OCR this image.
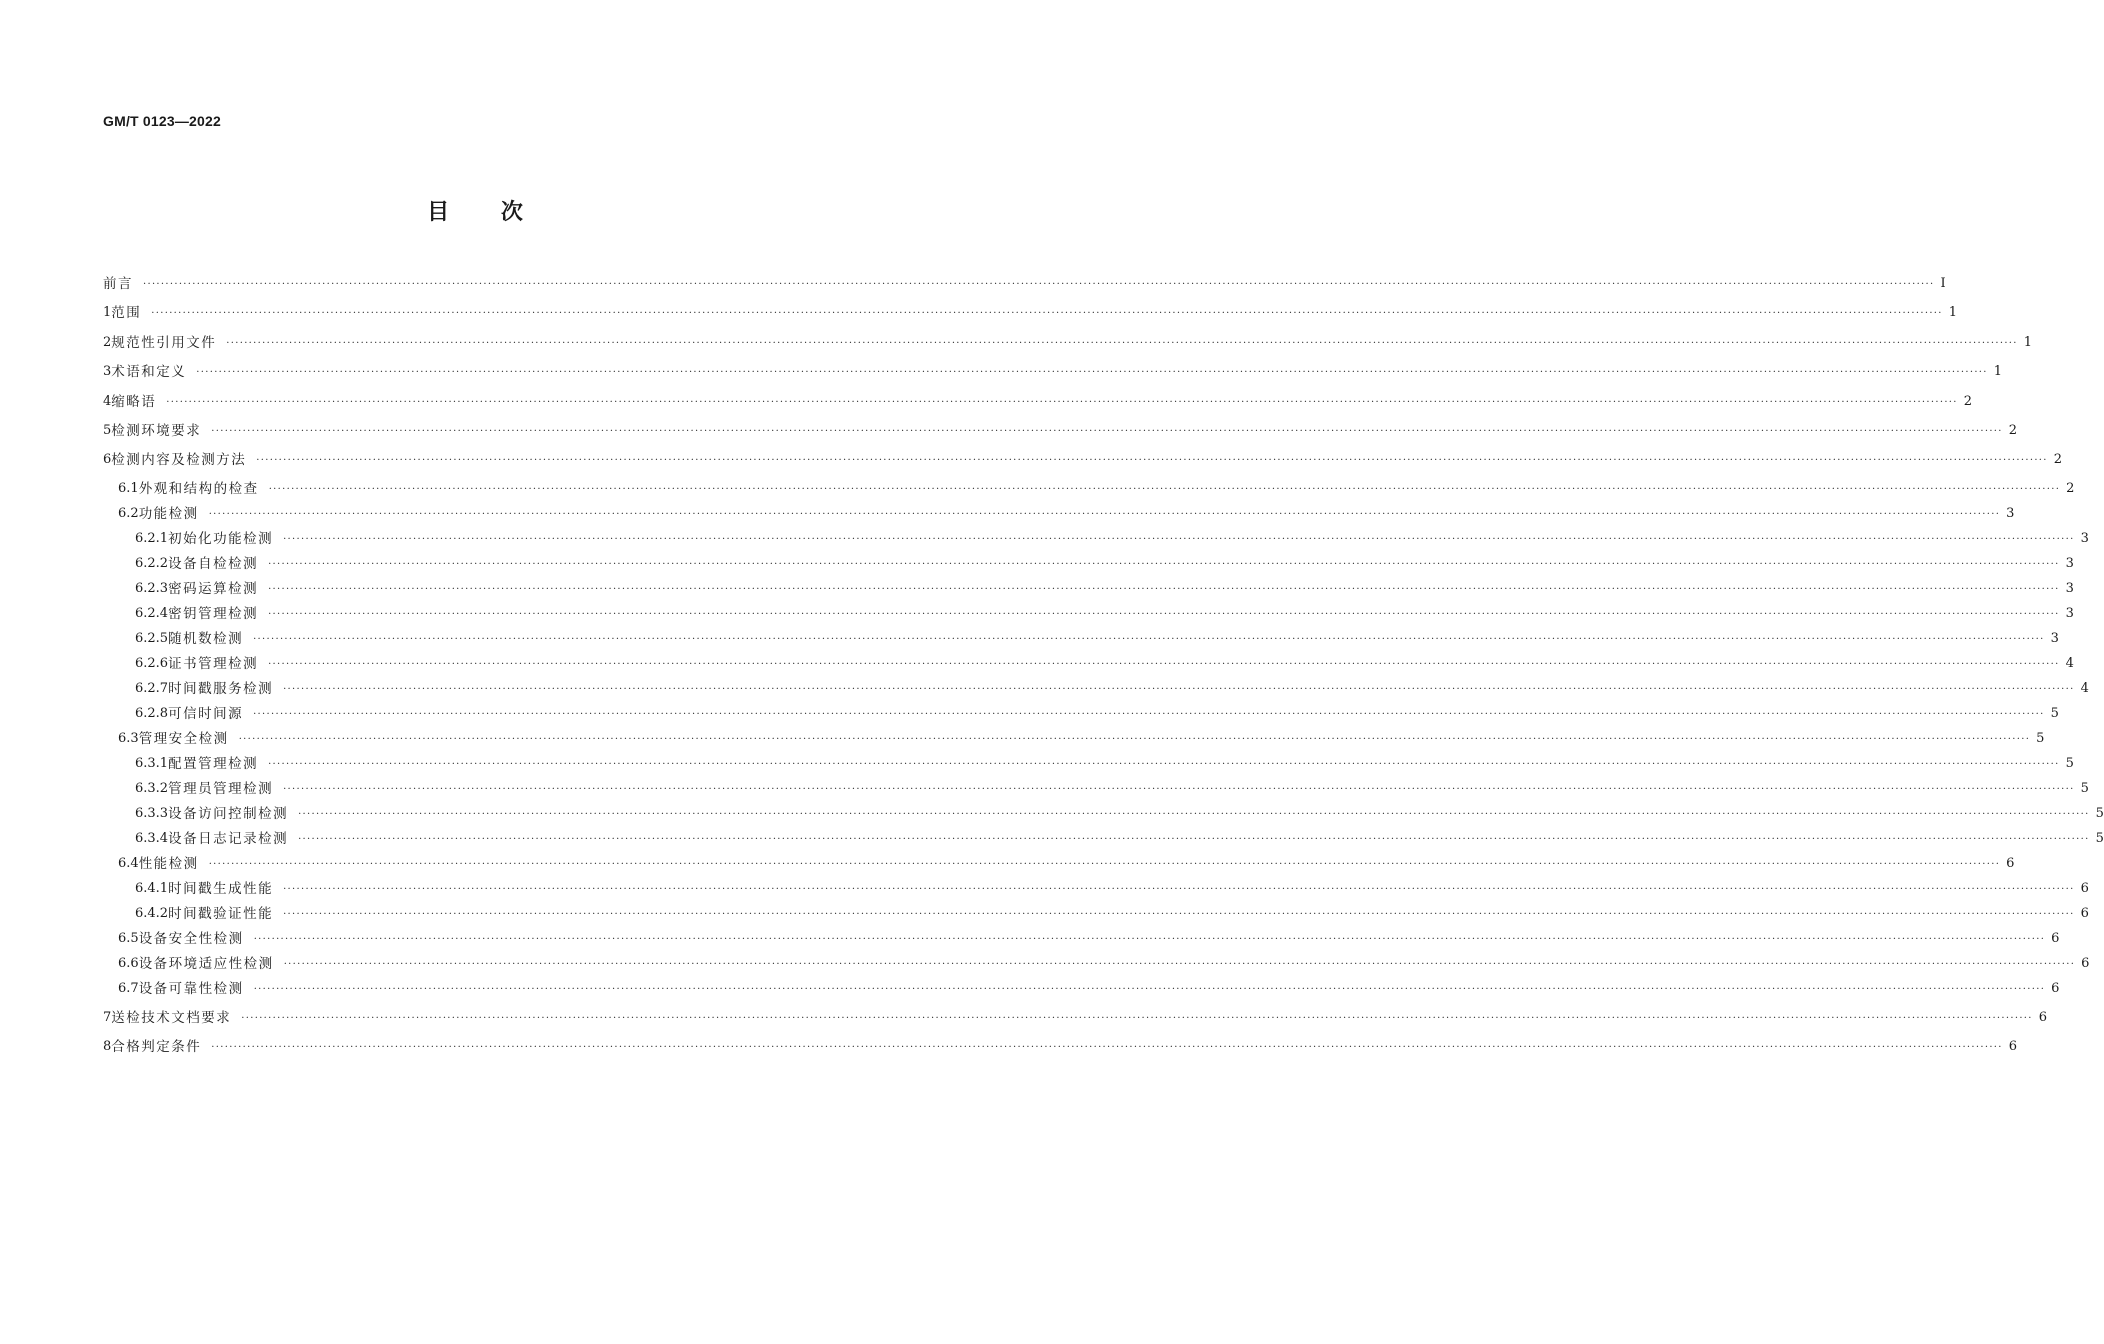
GM/T 0123—2022
目 次
前言 ················································································································································································································································································································································································································ Ⅰ
1 范围 ················································································································································································································································································································································································································ 1
2 规范性引用文件 ················································································································································································································································································································································································································ 1
3 术语和定义 ················································································································································································································································································································································································································ 1
4 缩略语 ················································································································································································································································································································································································································ 2
5 检测环境要求 ················································································································································································································································································································································································································ 2
6 检测内容及检测方法 ················································································································································································································································································································································································································ 2
6.1 外观和结构的检查 ················································································································································································································································································································································································································ 2
6.2 功能检测 ················································································································································································································································································································································································································ 3
6.2.1 初始化功能检测 ················································································································································································································································································································································································································ 3
6.2.2 设备自检检测 ················································································································································································································································································································································································································ 3
6.2.3 密码运算检测 ················································································································································································································································································································································································································ 3
6.2.4 密钥管理检测 ················································································································································································································································································································································································································ 3
6.2.5 随机数检测 ················································································································································································································································································································································································································ 3
6.2.6 证书管理检测 ················································································································································································································································································································································································································ 4
6.2.7 时间戳服务检测 ················································································································································································································································································································································································································ 4
6.2.8 可信时间源 ················································································································································································································································································································································································································ 5
6.3 管理安全检测 ················································································································································································································································································································································································································ 5
6.3.1 配置管理检测 ················································································································································································································································································································································································································ 5
6.3.2 管理员管理检测 ················································································································································································································································································································································································································ 5
6.3.3 设备访问控制检测 ················································································································································································································································································································································································································ 5
6.3.4 设备日志记录检测 ················································································································································································································································································································································································································ 5
6.4 性能检测 ················································································································································································································································································································································································································ 6
6.4.1 时间戳生成性能 ················································································································································································································································································································································································································ 6
6.4.2 时间戳验证性能 ················································································································································································································································································································································································································ 6
6.5 设备安全性检测 ················································································································································································································································································································································································································ 6
6.6 设备环境适应性检测 ················································································································································································································································································································································································································ 6
6.7 设备可靠性检测 ················································································································································································································································································································································································································ 6
7 送检技术文档要求 ················································································································································································································································································································································································································ 6
8 合格判定条件 ················································································································································································································································································································································································································ 6
